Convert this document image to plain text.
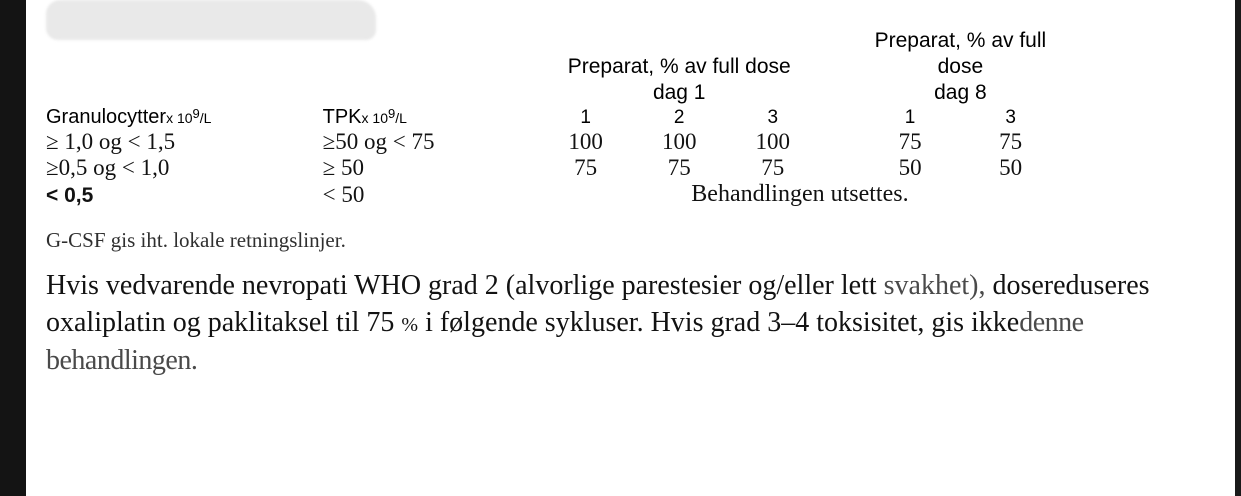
Preparat, % av full dose
dag 1

Preparat, % av full dose
dag 8

Granulocytterx $10^9/L$	TPKx $10^9/L$	1	2	3		1	3
≥ 1,0 og < 1,5	≥50 og < 75	100	100	100		75	75
≥0,5 og < 1,0	≥ 50	75	75	75		50	50
< 0,5	< 50	Behandlingen utsettes.					
G-CSF gis iht. lokale retningslinjer.
Hvis vedvarende nevropati WHO grad 2 (alvorlige parestesier og/eller lett svakhet), dosereduseres oxaliplatin og paklitaksel til 75 % i følgende sykluser. Hvis grad 3–4 toksisitet, gis ikkedenne behandlingen.
